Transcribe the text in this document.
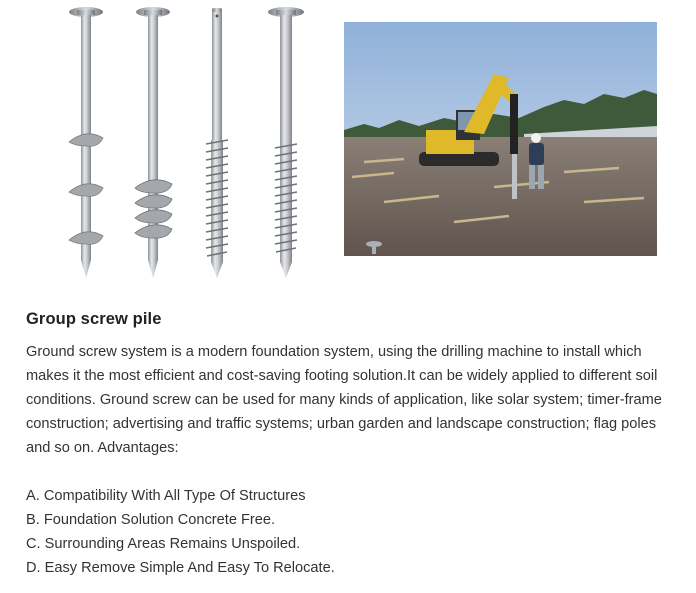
Group screw pile

Ground screw system is a modern foundation system, using the drilling machine to install which makes it the most efficient and cost-saving footing solution.It can be widely applied to different soil conditions. Ground screw can be used for many kinds of application, like solar system; timer-frame construction; advertising and traffic systems; urban garden and landscape construction; flag poles and so on. Advantages:

A. Compatibility With All Type Of Structures
B. Foundation Solution Concrete Free.
C. Surrounding Areas Remains Unspoiled.
D. Easy Remove Simple And Easy To Relocate.
